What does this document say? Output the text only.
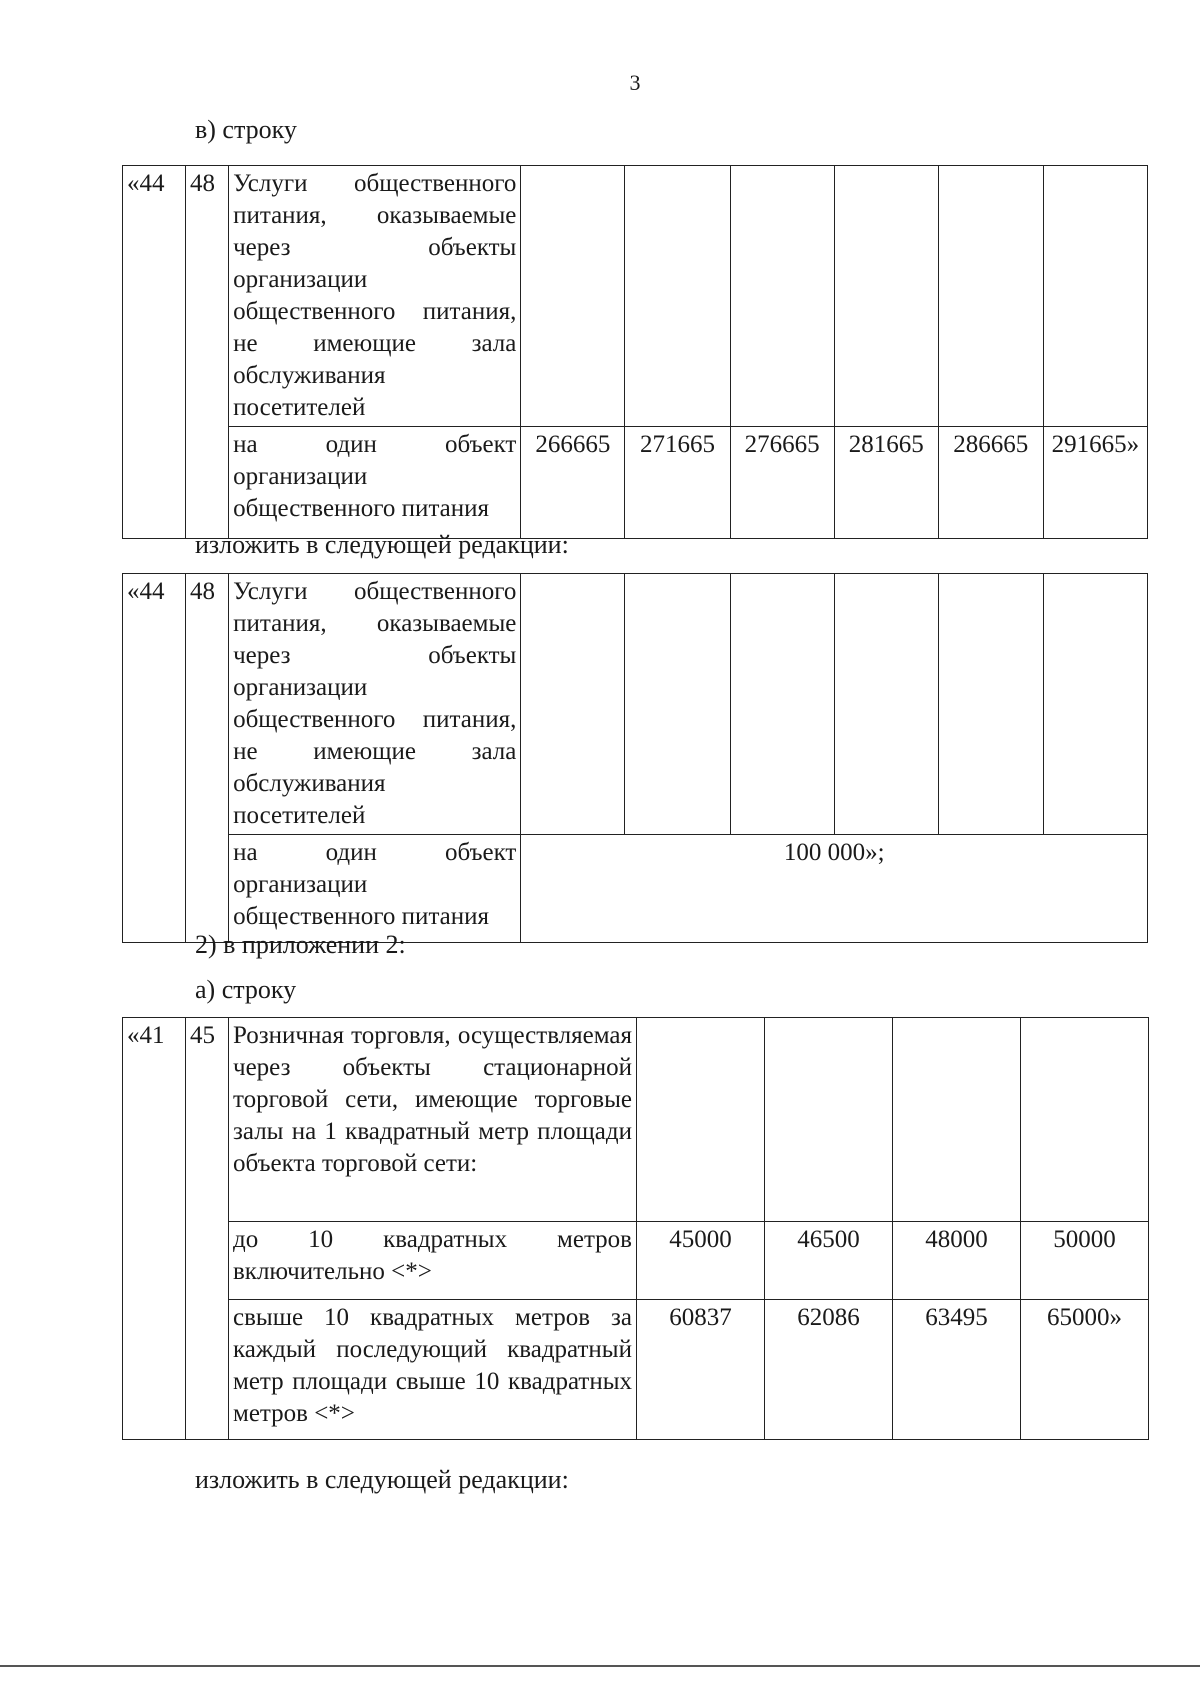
3
в) строку
«44	48	Услуги общественного питания, оказываемые через объекты организации общественного питания, не имеющие зала обслуживания посетителей						
		на один объект организации общественного питания	266665	271665	276665	281665	286665	291665»
изложить в следующей редакции:
«44	48	Услуги общественного питания, оказываемые через объекты организации общественного питания, не имеющие зала обслуживания посетителей						
		на один объект организации общественного питания	100 000»;					
2) в приложении 2:
а) строку
«41	45	Розничная торговля, осуществляемая через объекты стационарной торговой сети, имеющие торговые залы на 1 квадратный метр площади объекта торговой сети:				
		до 10 квадратных метров включительно <*>	45000	46500	48000	50000
		свыше 10 квадратных метров за каждый последующий квадратный метр площади свыше 10 квадратных метров <*>	60837	62086	63495	65000»
изложить в следующей редакции:
